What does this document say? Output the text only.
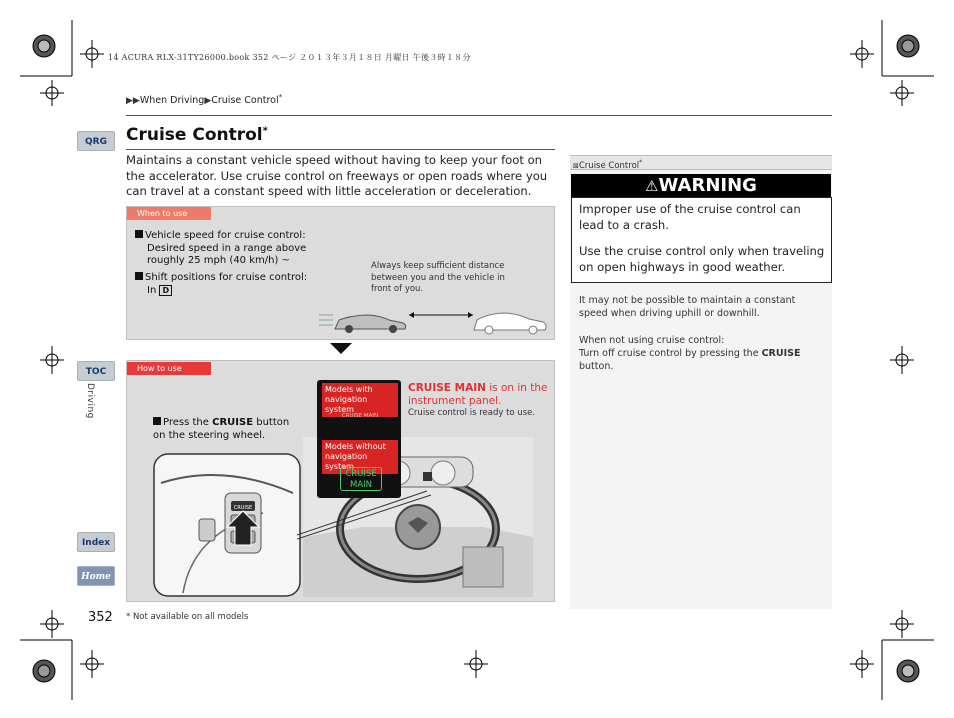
14 ACURA RLX-31TY26000.book 352 ページ ２０１３年３月１８日 月曜日 午後３時１８分
▶▶When Driving▶Cruise Control*
QRG
TOC
Driving
Index
Home
Cruise Control*
Maintains a constant vehicle speed without having to keep your foot on the accelerator. Use cruise control on freeways or open roads where you can travel at a constant speed with little acceleration or deceleration.
When to use
Vehicle speed for cruise control:
Desired speed in a range above roughly 25 mph (40 km/h) ~
Shift positions for cruise control:
In D
Always keep sufficient distance between you and the vehicle in front of you.
How to use
Press the CRUISE button on the steering wheel.
CRUISE
Models with navigation system
CRUISE MAIN
Models without navigation system
CRUISE
MAIN
CRUISE MAIN is on in the instrument panel.
Cruise control is ready to use.
⊠Cruise Control*
⚠WARNING
Improper use of the cruise control can lead to a crash.
Use the cruise control only when traveling on open highways in good weather.
It may not be possible to maintain a constant speed when driving uphill or downhill.
When not using cruise control:
Turn off cruise control by pressing the CRUISE
button.
352 * Not available on all models
